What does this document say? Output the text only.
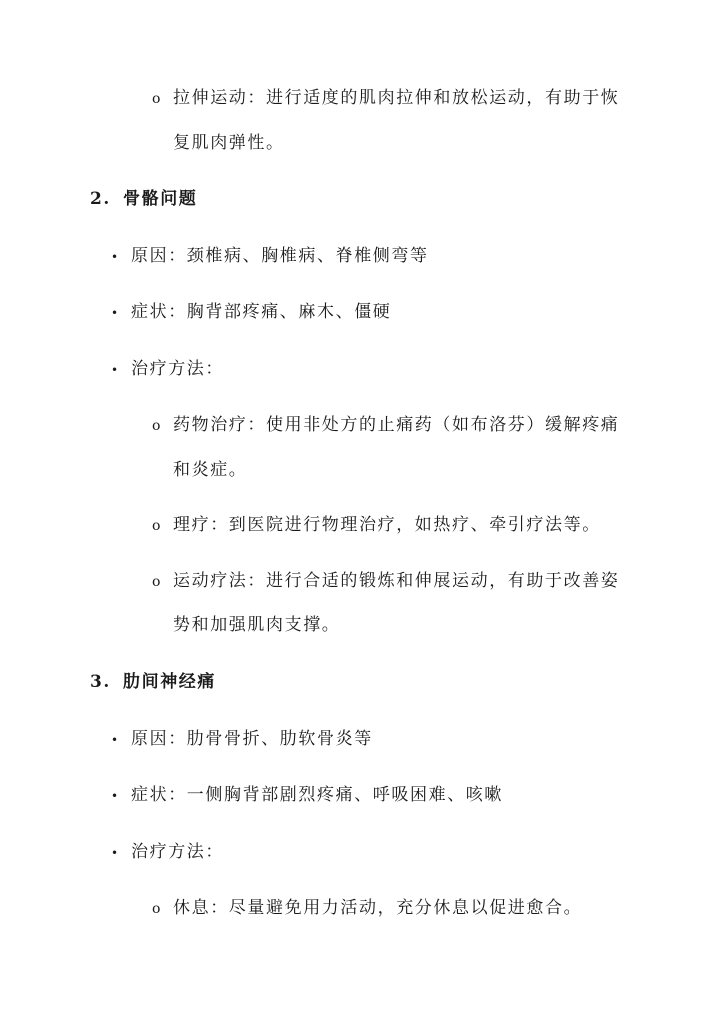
o 拉伸运动：进行适度的肌肉拉伸和放松运动，有助于恢
复肌肉弹性。
2. 骨骼问题
• 原因：颈椎病、胸椎病、脊椎侧弯等
• 症状：胸背部疼痛、麻木、僵硬
• 治疗方法：
o 药物治疗：使用非处方的止痛药（如布洛芬）缓解疼痛
和炎症。
o 理疗：到医院进行物理治疗，如热疗、牵引疗法等。
o 运动疗法：进行合适的锻炼和伸展运动，有助于改善姿
势和加强肌肉支撑。
3. 肋间神经痛
• 原因：肋骨骨折、肋软骨炎等
• 症状：一侧胸背部剧烈疼痛、呼吸困难、咳嗽
• 治疗方法：
o 休息：尽量避免用力活动，充分休息以促进愈合。
